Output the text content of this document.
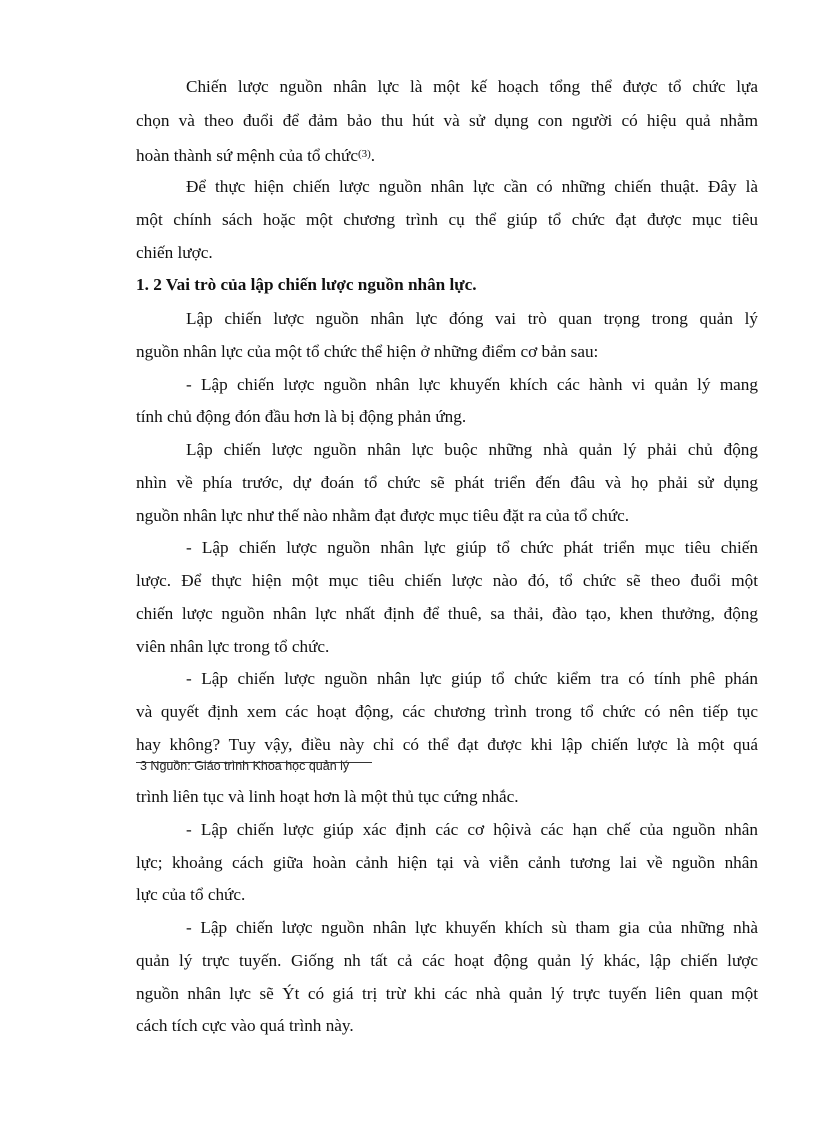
Chiến lược nguồn nhân lực là một kế hoạch tổng thể được tổ chức lựa
chọn và theo đuổi để đảm bảo thu hút và sử dụng con người có hiệu quả nhằm
hoàn thành sứ mệnh của tổ chức$^{(3)}$.
Để thực hiện chiến lược nguồn nhân lực cần có những chiến thuật. Đây là
một chính sách hoặc một chương trình cụ thể giúp tổ chức đạt được mục tiêu
chiến lược.
1. 2 Vai trò của lập chiến lược nguồn nhân lực.
Lập chiến lược nguồn nhân lực đóng vai trò quan trọng trong quản lý
nguồn nhân lực của một tổ chức thể hiện ở những điểm cơ bản sau:
- Lập chiến lược nguồn nhân lực khuyến khích các hành vi quản lý mang
tính chủ động đón đầu hơn là bị động phản ứng.
Lập chiến lược nguồn nhân lực buộc những nhà quản lý phải chủ động
nhìn về phía trước, dự đoán tổ chức sẽ phát triển đến đâu và họ phải sử dụng
nguồn nhân lực như thế nào nhằm đạt được mục tiêu đặt ra của tổ chức.
- Lập chiến lược nguồn nhân lực giúp tổ chức phát triển mục tiêu chiến
lược. Để thực hiện một mục tiêu chiến lược nào đó, tổ chức sẽ theo đuổi một
chiến lược nguồn nhân lực nhất định để thuê, sa thải, đào tạo, khen thưởng, động
viên nhân lực trong tổ chức.
- Lập chiến lược nguồn nhân lực giúp tổ chức kiểm tra có tính phê phán
và quyết định xem các hoạt động, các chương trình trong tổ chức có nên tiếp tục
hay không? Tuy vậy, điều này chỉ có thể đạt được khi lập chiến lược là một quá
3 Nguồn: Giáo trình Khoa học quản lý
trình liên tục và linh hoạt hơn là một thủ tục cứng nhắc.
- Lập chiến lược giúp xác định các cơ hộivà các hạn chế của nguồn nhân
lực; khoảng cách giữa hoàn cảnh hiện tại và viễn cảnh tương lai về nguồn nhân
lực của tổ chức.
- Lập chiến lược nguồn nhân lực khuyến khích sù tham gia của những nhà
quản lý trực tuyến. Giống nh tất cả các hoạt động quản lý khác, lập chiến lược
nguồn nhân lực sẽ Ýt có giá trị trừ khi các nhà quản lý trực tuyến liên quan một
cách tích cực vào quá trình này.
